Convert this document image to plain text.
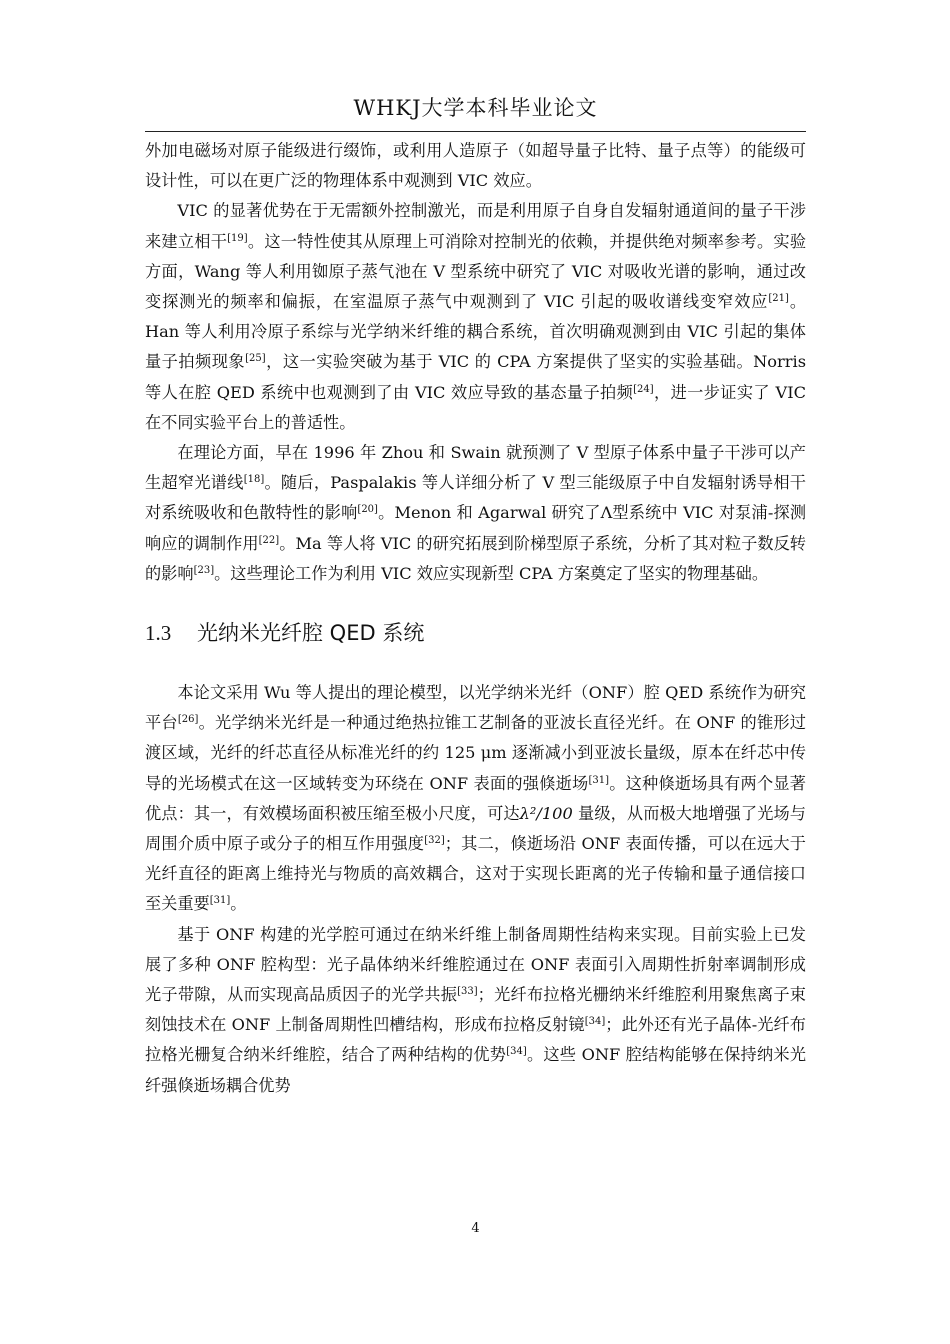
WHKJ大学本科毕业论文

外加电磁场对原子能级进行缀饰，或利用人造原子（如超导量子比特、量子点等）的能级可设计性，可以在更广泛的物理体系中观测到 VIC 效应。

VIC 的显著优势在于无需额外控制激光，而是利用原子自身自发辐射通道间的量子干涉来建立相干[19]。这一特性使其从原理上可消除对控制光的依赖，并提供绝对频率参考。实验方面，Wang 等人利用铷原子蒸气池在 V 型系统中研究了 VIC 对吸收光谱的影响，通过改变探测光的频率和偏振，在室温原子蒸气中观测到了 VIC 引起的吸收谱线变窄效应[21]。Han 等人利用冷原子系综与光学纳米纤维的耦合系统，首次明确观测到由 VIC 引起的集体量子拍频现象[25]，这一实验突破为基于 VIC 的 CPA 方案提供了坚实的实验基础。Norris 等人在腔 QED 系统中也观测到了由 VIC 效应导致的基态量子拍频[24]，进一步证实了 VIC 在不同实验平台上的普适性。

在理论方面，早在 1996 年 Zhou 和 Swain 就预测了 V 型原子体系中量子干涉可以产生超窄光谱线[18]。随后，Paspalakis 等人详细分析了 V 型三能级原子中自发辐射诱导相干对系统吸收和色散特性的影响[20]。Menon 和 Agarwal 研究了Λ型系统中 VIC 对泵浦-探测响应的调制作用[22]。Ma 等人将 VIC 的研究拓展到阶梯型原子系统，分析了其对粒子数反转的影响[23]。这些理论工作为利用 VIC 效应实现新型 CPA 方案奠定了坚实的物理基础。

1.3 光纳米光纤腔 QED 系统

本论文采用 Wu 等人提出的理论模型，以光学纳米光纤（ONF）腔 QED 系统作为研究平台[26]。光学纳米光纤是一种通过绝热拉锥工艺制备的亚波长直径光纤。在 ONF 的锥形过渡区域，光纤的纤芯直径从标准光纤的约 125 μm 逐渐减小到亚波长量级，原本在纤芯中传导的光场模式在这一区域转变为环绕在 ONF 表面的强倏逝场[31]。这种倏逝场具有两个显著优点：其一，有效模场面积被压缩至极小尺度，可达λ²/100 量级，从而极大地增强了光场与周围介质中原子或分子的相互作用强度[32]；其二，倏逝场沿 ONF 表面传播，可以在远大于光纤直径的距离上维持光与物质的高效耦合，这对于实现长距离的光子传输和量子通信接口至关重要[31]。

基于 ONF 构建的光学腔可通过在纳米纤维上制备周期性结构来实现。目前实验上已发展了多种 ONF 腔构型：光子晶体纳米纤维腔通过在 ONF 表面引入周期性折射率调制形成光子带隙，从而实现高品质因子的光学共振[33]；光纤布拉格光栅纳米纤维腔利用聚焦离子束刻蚀技术在 ONF 上制备周期性凹槽结构，形成布拉格反射镜[34]；此外还有光子晶体-光纤布拉格光栅复合纳米纤维腔，结合了两种结构的优势[34]。这些 ONF 腔结构能够在保持纳米光纤强倏逝场耦合优势

4
